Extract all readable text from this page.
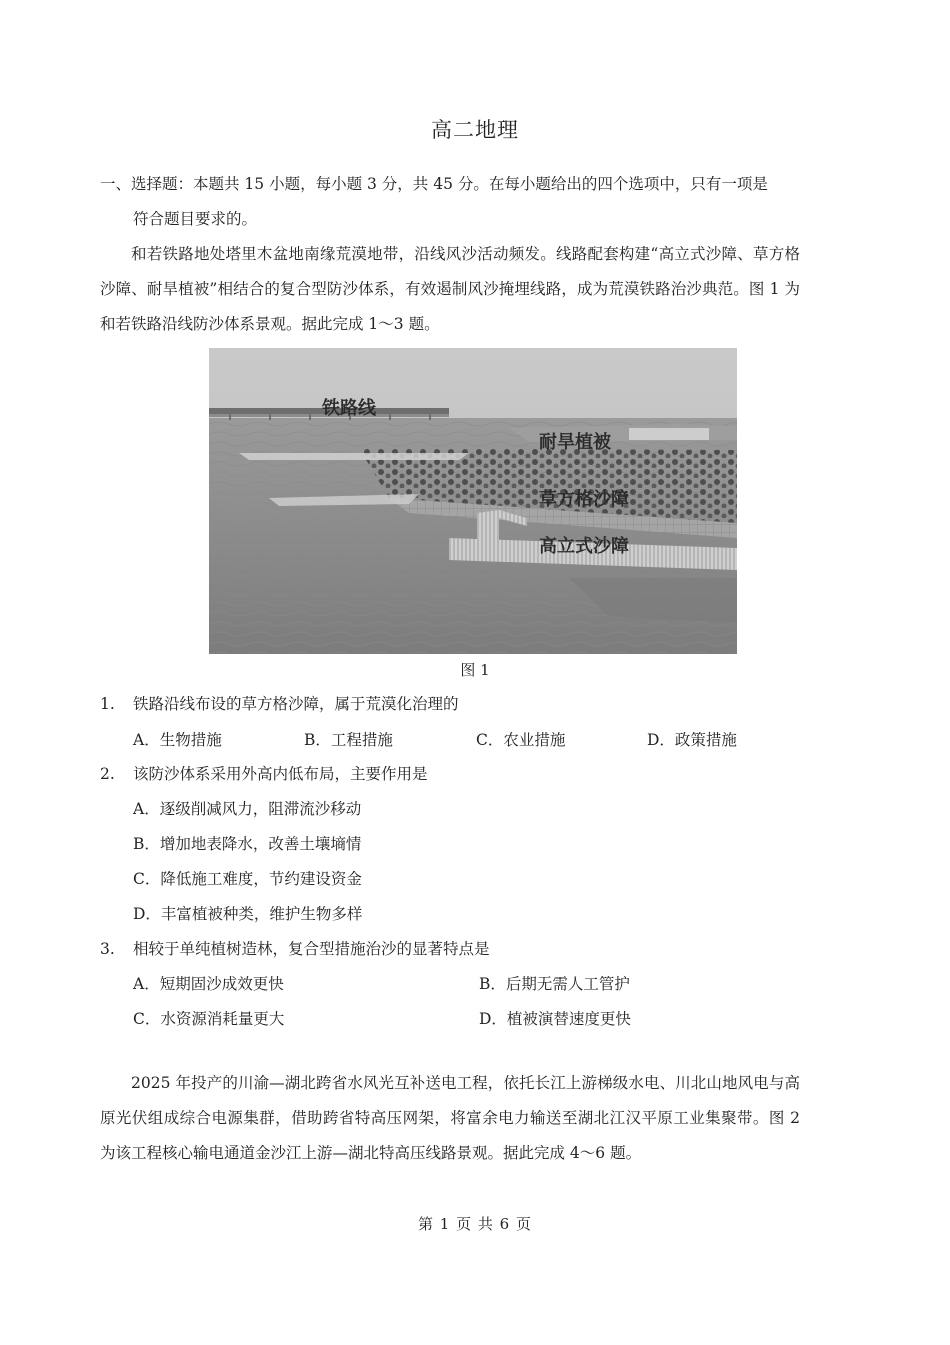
高二地理
一、选择题：本题共 15 小题，每小题 3 分，共 45 分。在每小题给出的四个选项中，只有一项是
符合题目要求的。
和若铁路地处塔里木盆地南缘荒漠地带，沿线风沙活动频发。线路配套构建“高立式沙障、草方格沙障、耐旱植被”相结合的复合型防沙体系，有效遏制风沙掩埋线路，成为荒漠铁路治沙典范。图 1 为和若铁路沿线防沙体系景观。据此完成 1～3 题。
铁路线
耐旱植被
草方格沙障
高立式沙障
图 1
1. 铁路沿线布设的草方格沙障，属于荒漠化治理的
A．生物措施	B．工程措施	C．农业措施	D．政策措施
2. 该防沙体系采用外高内低布局，主要作用是
A．逐级削减风力，阻滞流沙移动
B．增加地表降水，改善土壤墒情
C．降低施工难度，节约建设资金
D．丰富植被种类，维护生物多样
3. 相较于单纯植树造林，复合型措施治沙的显著特点是
A．短期固沙成效更快	B．后期无需人工管护
C．水资源消耗量更大	D．植被演替速度更快
2025 年投产的川渝—湖北跨省水风光互补送电工程，依托长江上游梯级水电、川北山地风电与高原光伏组成综合电源集群，借助跨省特高压网架，将富余电力输送至湖北江汉平原工业集聚带。图 2 为该工程核心输电通道金沙江上游—湖北特高压线路景观。据此完成 4～6 题。
第 1 页 共 6 页
